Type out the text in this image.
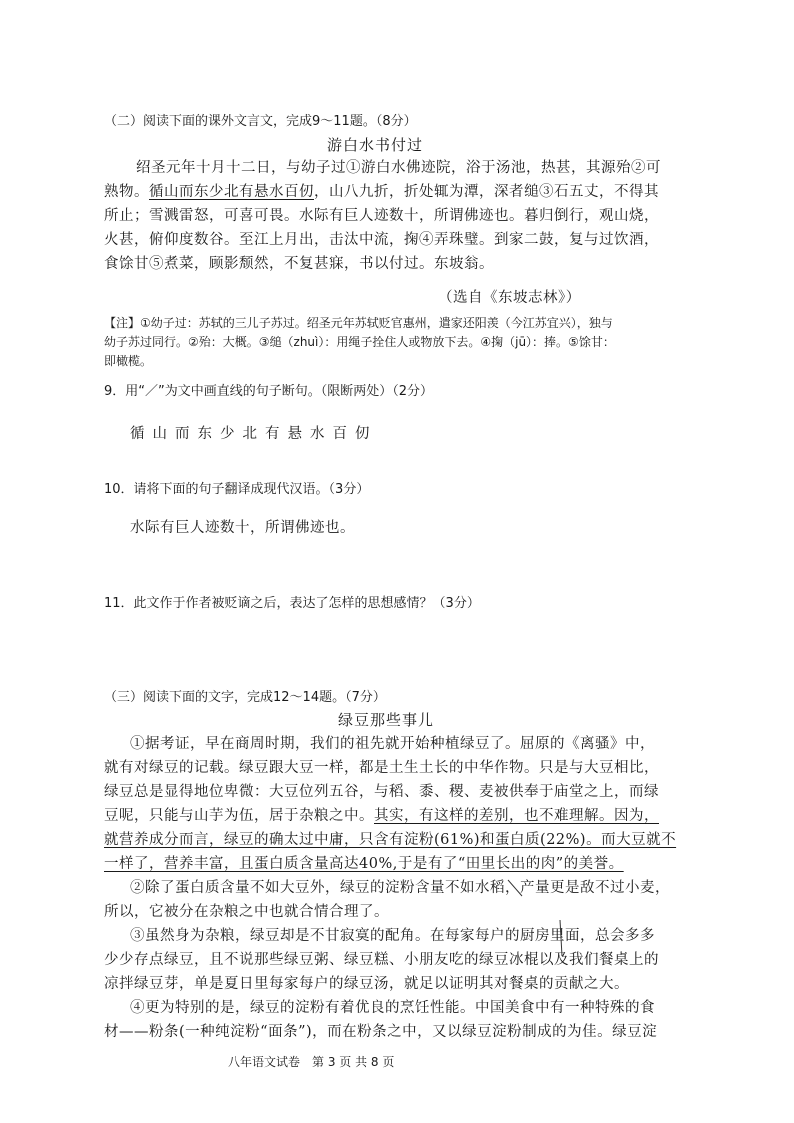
（二）阅读下面的课外文言文，完成9～11题。（8分）
游白水书付过
绍圣元年十月十二日，与幼子过①游白水佛迹院，浴于汤池，热甚，其源殆②可
熟物。循山而东少北有悬水百仞，山八九折，折处辄为潭，深者缒③石五丈，不得其
所止；雪溅雷怒，可喜可畏。水际有巨人迹数十，所谓佛迹也。暮归倒行，观山烧，
火甚，俯仰度数谷。至江上月出，击汰中流，掬④弄珠璧。到家二鼓，复与过饮酒，
食馀甘⑤煮菜，顾影颓然，不复甚寐，书以付过。东坡翁。
（选自《东坡志林》）
【注】①幼子过：苏轼的三儿子苏过。绍圣元年苏轼贬官惠州，遣家还阳羡（今江苏宜兴），独与
幼子苏过同行。②殆：大概。③缒（zhuì）：用绳子拴住人或物放下去。④掬（jū）：捧。⑤馀甘：
即橄榄。
9．用“／”为文中画直线的句子断句。（限断两处）（2分）
循山而东少北有悬水百仞
10．请将下面的句子翻译成现代汉语。（3分）
水际有巨人迹数十，所谓佛迹也。
11．此文作于作者被贬谪之后，表达了怎样的思想感情？（3分）
（三）阅读下面的文字，完成12～14题。（7分）
绿豆那些事儿
①据考证，早在商周时期，我们的祖先就开始种植绿豆了。屈原的《离骚》中，
就有对绿豆的记载。绿豆跟大豆一样，都是土生土长的中华作物。只是与大豆相比，
绿豆总是显得地位卑微：大豆位列五谷，与稻、黍、稷、麦被供奉于庙堂之上，而绿
豆呢，只能与山芋为伍，居于杂粮之中。其实，有这样的差别，也不难理解。因为，
就营养成分而言，绿豆的确太过中庸，只含有淀粉(61%)和蛋白质(22%)。而大豆就不
一样了，营养丰富，且蛋白质含量高达40%,于是有了“田里长出的肉”的美誉。
②除了蛋白质含量不如大豆外，绿豆的淀粉含量不如水稻，产量更是敌不过小麦，
所以，它被分在杂粮之中也就合情合理了。
③虽然身为杂粮，绿豆却是不甘寂寞的配角。在每家每户的厨房里面，总会多多
少少存点绿豆，且不说那些绿豆粥、绿豆糕、小朋友吃的绿豆冰棍以及我们餐桌上的
凉拌绿豆芽，单是夏日里每家每户的绿豆汤，就足以证明其对餐桌的贡献之大。
④更为特别的是，绿豆的淀粉有着优良的烹饪性能。中国美食中有一种特殊的食
材——粉条(一种纯淀粉“面条”)，而在粉条之中，又以绿豆淀粉制成的为佳。绿豆淀
八年语文试卷　第 3 页 共 8 页
